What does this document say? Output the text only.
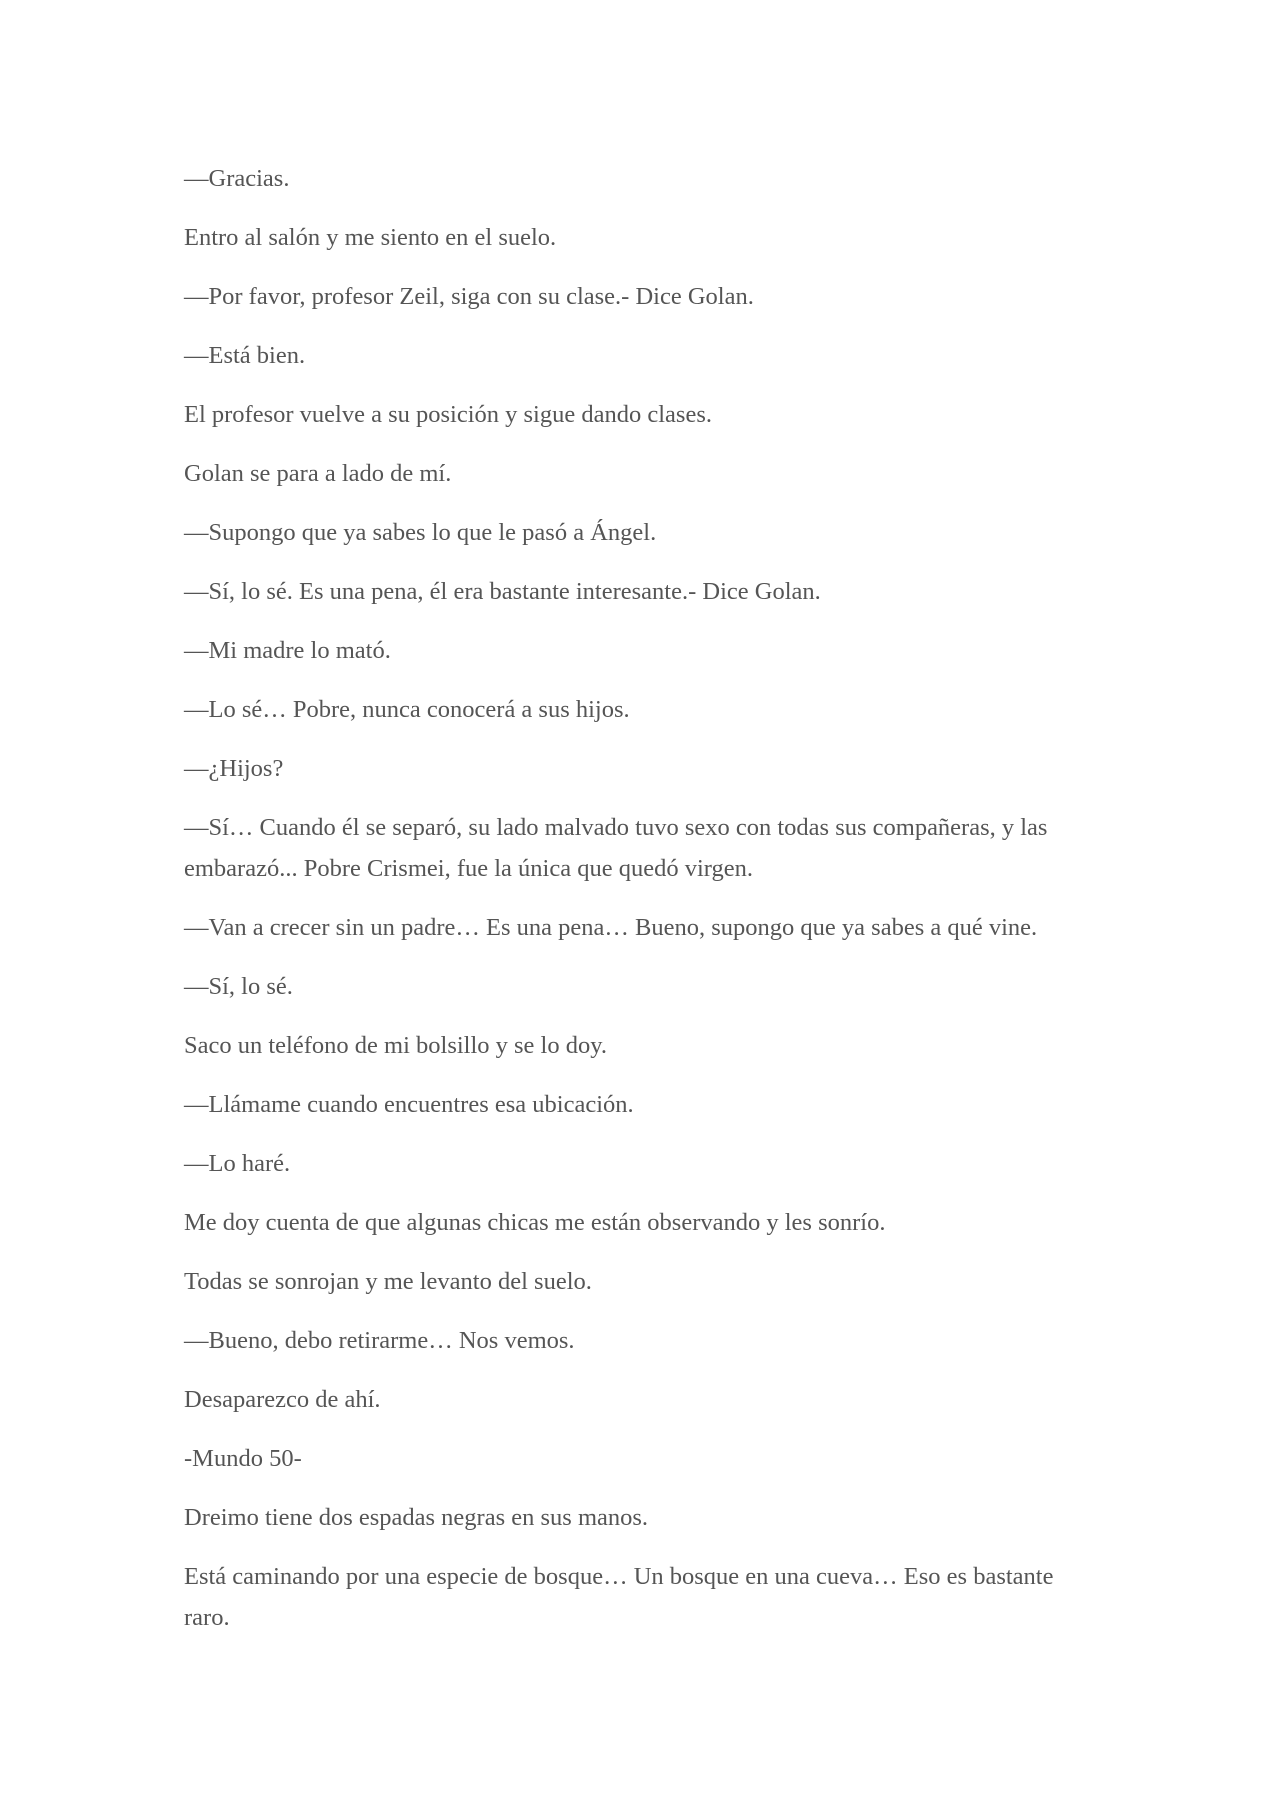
—Gracias.

Entro al salón y me siento en el suelo.

—Por favor, profesor Zeil, siga con su clase.- Dice Golan.

—Está bien.

El profesor vuelve a su posición y sigue dando clases.

Golan se para a lado de mí.

—Supongo que ya sabes lo que le pasó a Ángel.

—Sí, lo sé. Es una pena, él era bastante interesante.- Dice Golan.

—Mi madre lo mató.

—Lo sé… Pobre, nunca conocerá a sus hijos.

—¿Hijos?

—Sí… Cuando él se separó, su lado malvado tuvo sexo con todas sus compañeras, y las embarazó... Pobre Crismei, fue la única que quedó virgen.

—Van a crecer sin un padre… Es una pena… Bueno, supongo que ya sabes a qué vine.

—Sí, lo sé.

Saco un teléfono de mi bolsillo y se lo doy.

—Llámame cuando encuentres esa ubicación.

—Lo haré.

Me doy cuenta de que algunas chicas me están observando y les sonrío.

Todas se sonrojan y me levanto del suelo.

—Bueno, debo retirarme… Nos vemos.

Desaparezco de ahí.

-Mundo 50-

Dreimo tiene dos espadas negras en sus manos.

Está caminando por una especie de bosque… Un bosque en una cueva… Eso es bastante raro.
